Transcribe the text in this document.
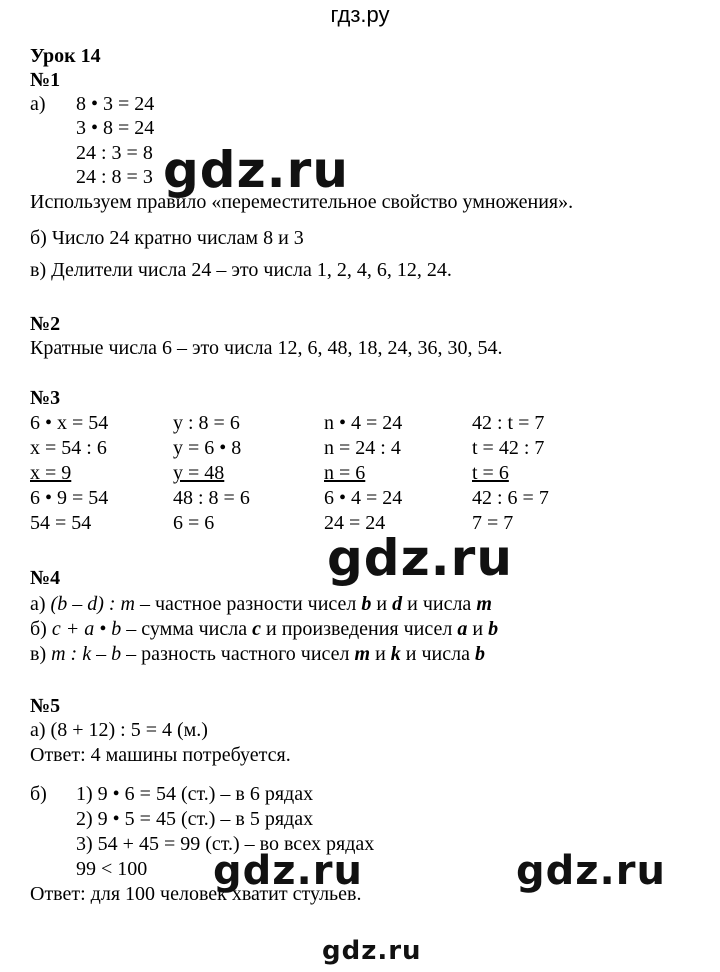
гдз.ру
Урок 14
№1
а) 8 • 3 = 24
3 • 8 = 24
24 : 3 = 8
24 : 8 = 3 gdz.ru
Используем правило «переместительное свойство умножения».
б) Число 24 кратно числам 8 и 3
в) Делители числа 24 – это числа 1, 2, 4, 6, 12, 24.
№2
Кратные числа 6 – это числа 12, 6, 48, 18, 24, 36, 30, 54.
№3
6 • x = 54
x = 54 : 6
x = 9
6 • 9 = 54
54 = 54
y : 8 = 6
y = 6 • 8
y = 48
48 : 8 = 6
6 = 6
n • 4 = 24
n = 24 : 4
n = 6
6 • 4 = 24
24 = 24
42 : t = 7
t = 42 : 7
t = 6
42 : 6 = 7
7 = 7
gdz.ru
№4
а) (b – d) : m – частное разности чисел b и d и числа m
б) c + a • b – сумма числа c и произведения чисел a и b
в) m : k – b – разность частного чисел m и k и числа b
№5
а) (8 + 12) : 5 = 4 (м.)
Ответ: 4 машины потребуется.
б) 1) 9 • 6 = 54 (ст.) – в 6 рядах
2) 9 • 5 = 45 (ст.) – в 5 рядах
3) 54 + 45 = 99 (ст.) – во всех рядах
99 < 100
Ответ: для 100 человек хватит стульев.
gdz.ru	gdz.ru
gdz.ru
